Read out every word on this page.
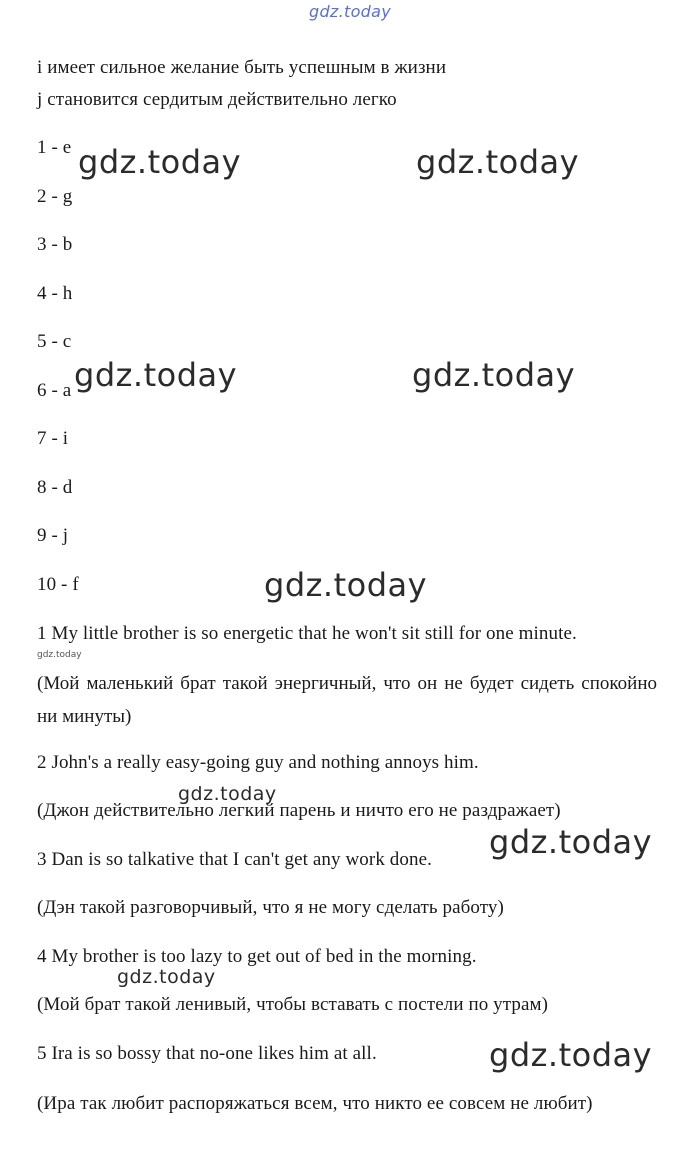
gdz.today
i имеет сильное желание быть успешным в жизни
j становится сердитым действительно легко
1 - e
2 - g
3 - b
4 - h
5 - c
6 - a
7 - i
8 - d
9 - j
10 - f
1 My little brother is so energetic that he won't sit still for one minute.
(Мой маленький брат такой энергичный, что он не будет сидеть спокойно ни минуты)
2 John's a really easy-going guy and nothing annoys him.
(Джон действительно легкий парень и ничто его не раздражает)
3 Dan is so talkative that I can't get any work done.
(Дэн такой разговорчивый, что я не могу сделать работу)
4 My brother is too lazy to get out of bed in the morning.
(Мой брат такой ленивый, чтобы вставать с постели по утрам)
5 Ira is so bossy that no-one likes him at all.
(Ира так любит распоряжаться всем, что никто ее совсем не любит)
gdz.today	gdz.today
gdz.today	gdz.today
gdz.today
gdz.today
gdz.today
gdz.today
gdz.today
gdz.today
